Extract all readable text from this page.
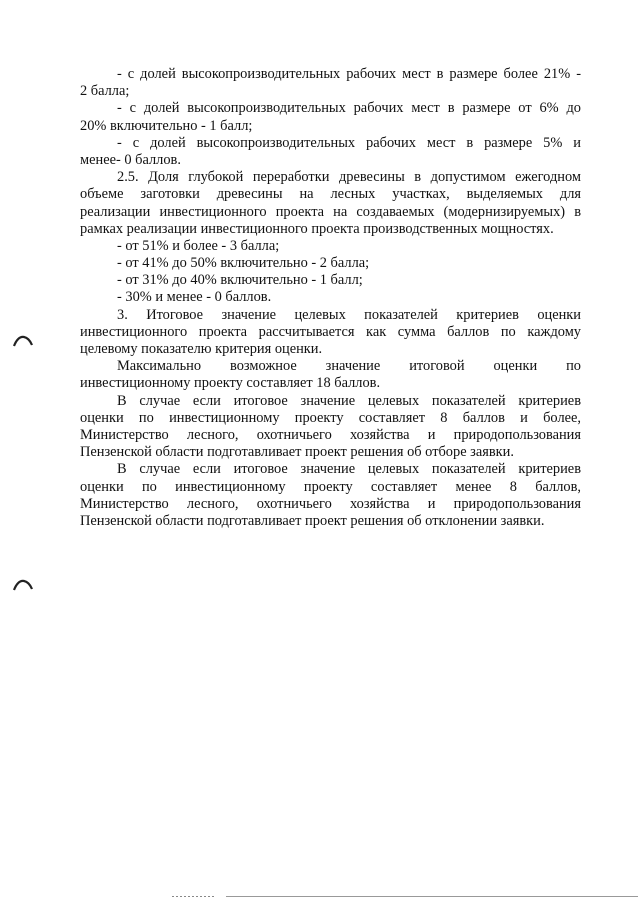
- с долей высокопроизводительных рабочих мест в размере более 21% -
2 балла;
- с долей высокопроизводительных рабочих мест в размере от 6% до
20% включительно - 1 балл;
- с долей высокопроизводительных рабочих мест в размере 5% и
менее- 0 баллов.
2.5. Доля глубокой переработки древесины в допустимом ежегодном
объеме заготовки древесины на лесных участках, выделяемых для
реализации инвестиционного проекта на создаваемых (модернизируемых) в
рамках реализации инвестиционного проекта производственных мощностях.
- от 51% и более - 3 балла;
- от 41% до 50% включительно - 2 балла;
- от 31% до 40% включительно - 1 балл;
- 30% и менее - 0 баллов.
3. Итоговое значение целевых показателей критериев оценки
инвестиционного проекта рассчитывается как сумма баллов по каждому
целевому показателю критерия оценки.
Максимально возможное значение итоговой оценки по
инвестиционному проекту составляет 18 баллов.
В случае если итоговое значение целевых показателей критериев
оценки по инвестиционному проекту составляет 8 баллов и более,
Министерство лесного, охотничьего хозяйства и природопользования
Пензенской области подготавливает проект решения об отборе заявки.
В случае если итоговое значение целевых показателей критериев
оценки по инвестиционному проекту составляет менее 8 баллов,
Министерство лесного, охотничьего хозяйства и природопользования
Пензенской области подготавливает проект решения об отклонении заявки.
